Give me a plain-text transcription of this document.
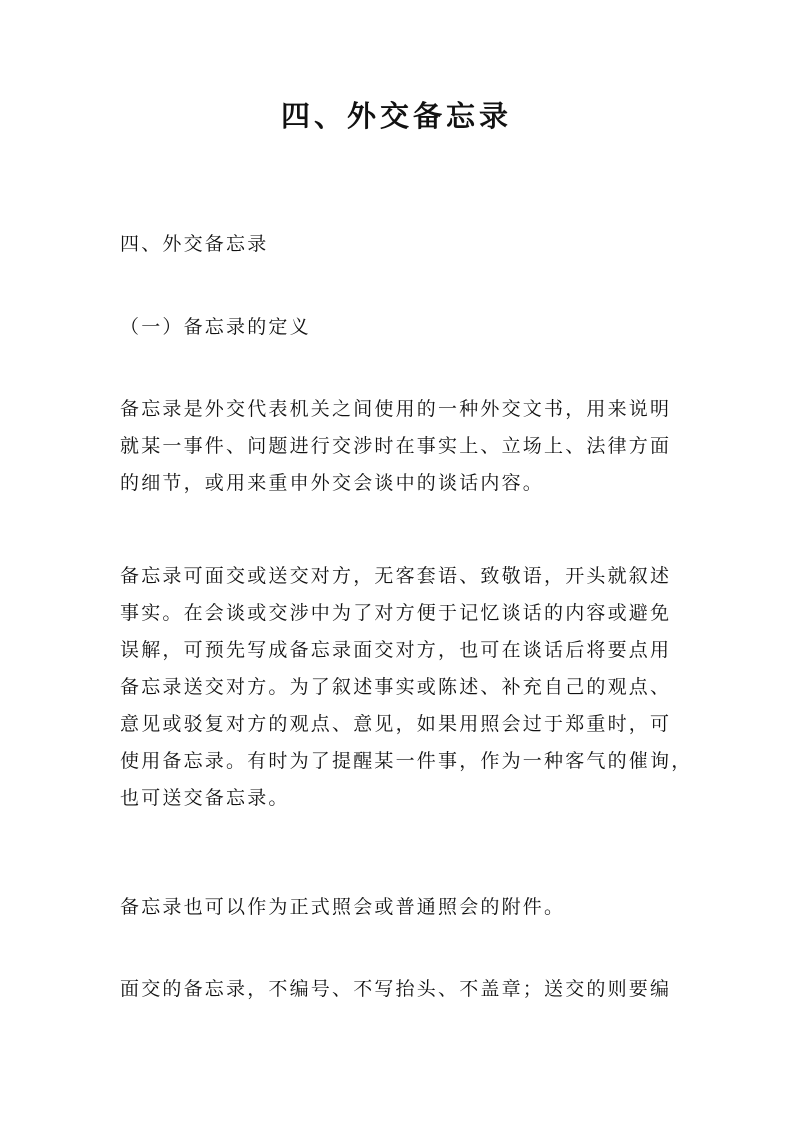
四、外交备忘录
四、外交备忘录
（一）备忘录的定义
备忘录是外交代表机关之间使用的一种外交文书，用来说明
就某一事件、问题进行交涉时在事实上、立场上、法律方面
的细节，或用来重申外交会谈中的谈话内容。
备忘录可面交或送交对方，无客套语、致敬语，开头就叙述
事实。在会谈或交涉中为了对方便于记忆谈话的内容或避免
误解，可预先写成备忘录面交对方，也可在谈话后将要点用
备忘录送交对方。为了叙述事实或陈述、补充自己的观点、
意见或驳复对方的观点、意见，如果用照会过于郑重时，可
使用备忘录。有时为了提醒某一件事，作为一种客气的催询，
也可送交备忘录。
备忘录也可以作为正式照会或普通照会的附件。
面交的备忘录，不编号、不写抬头、不盖章；送交的则要编
